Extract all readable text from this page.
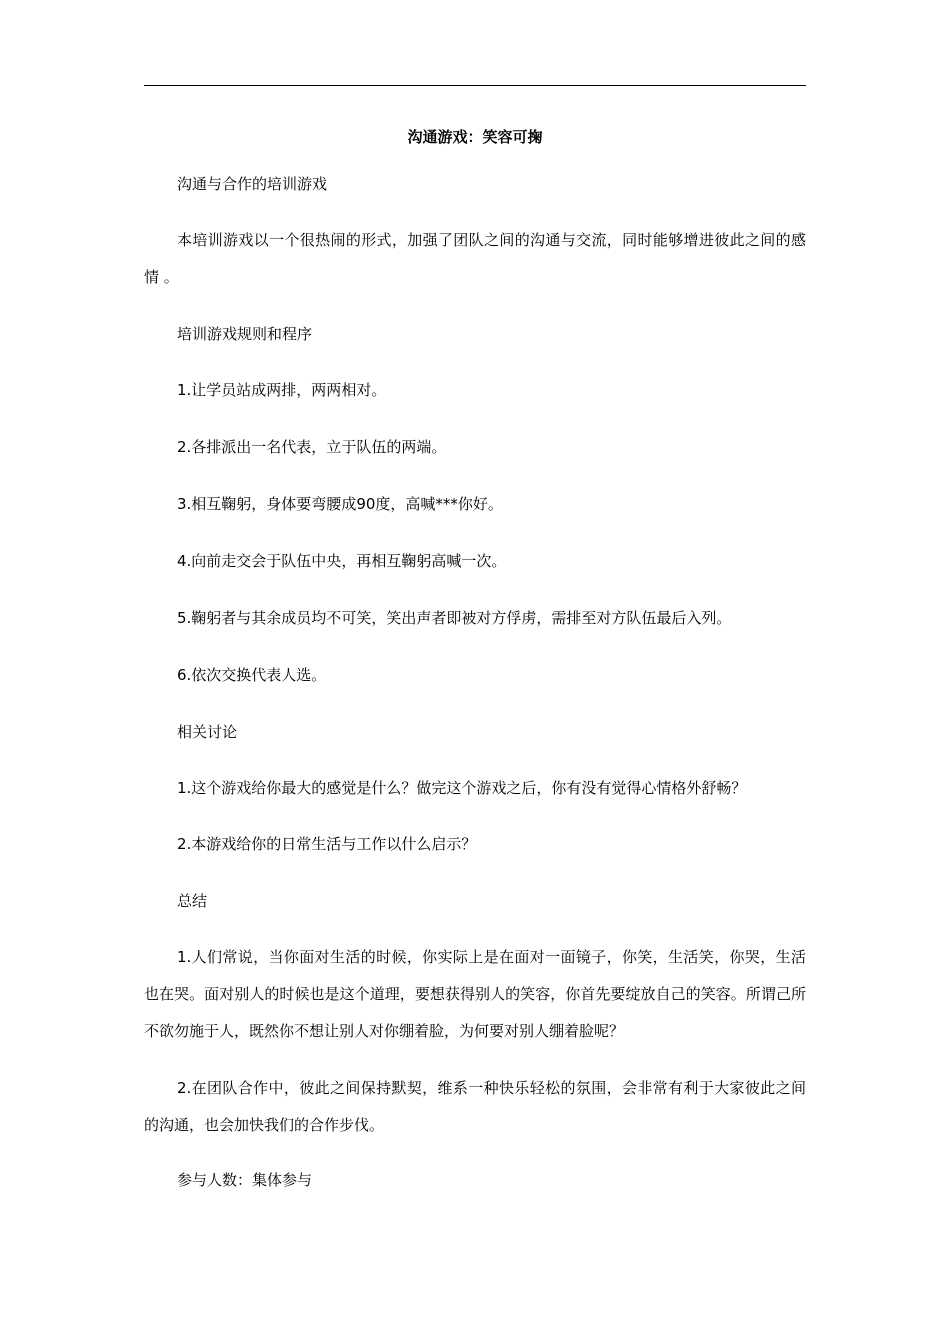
沟通游戏：笑容可掬

沟通与合作的培训游戏

本培训游戏以一个很热闹的形式，加强了团队之间的沟通与交流，同时能够增进彼此之间的感情 。

培训游戏规则和程序

1.让学员站成两排，两两相对。

2.各排派出一名代表，立于队伍的两端。

3.相互鞠躬，身体要弯腰成90度，高喊***你好。

4.向前走交会于队伍中央，再相互鞠躬高喊一次。

5.鞠躬者与其余成员均不可笑，笑出声者即被对方俘虏，需排至对方队伍最后入列。

6.依次交换代表人选。

相关讨论

1.这个游戏给你最大的感觉是什么？做完这个游戏之后，你有没有觉得心情格外舒畅？

2.本游戏给你的日常生活与工作以什么启示？

总结

1.人们常说，当你面对生活的时候，你实际上是在面对一面镜子，你笑，生活笑，你哭，生活也在哭。面对别人的时候也是这个道理，要想获得别人的笑容，你首先要绽放自己的笑容。所谓己所不欲勿施于人，既然你不想让别人对你绷着脸，为何要对别人绷着脸呢？

2.在团队合作中，彼此之间保持默契，维系一种快乐轻松的氛围，会非常有利于大家彼此之间的沟通，也会加快我们的合作步伐。

参与人数：集体参与
